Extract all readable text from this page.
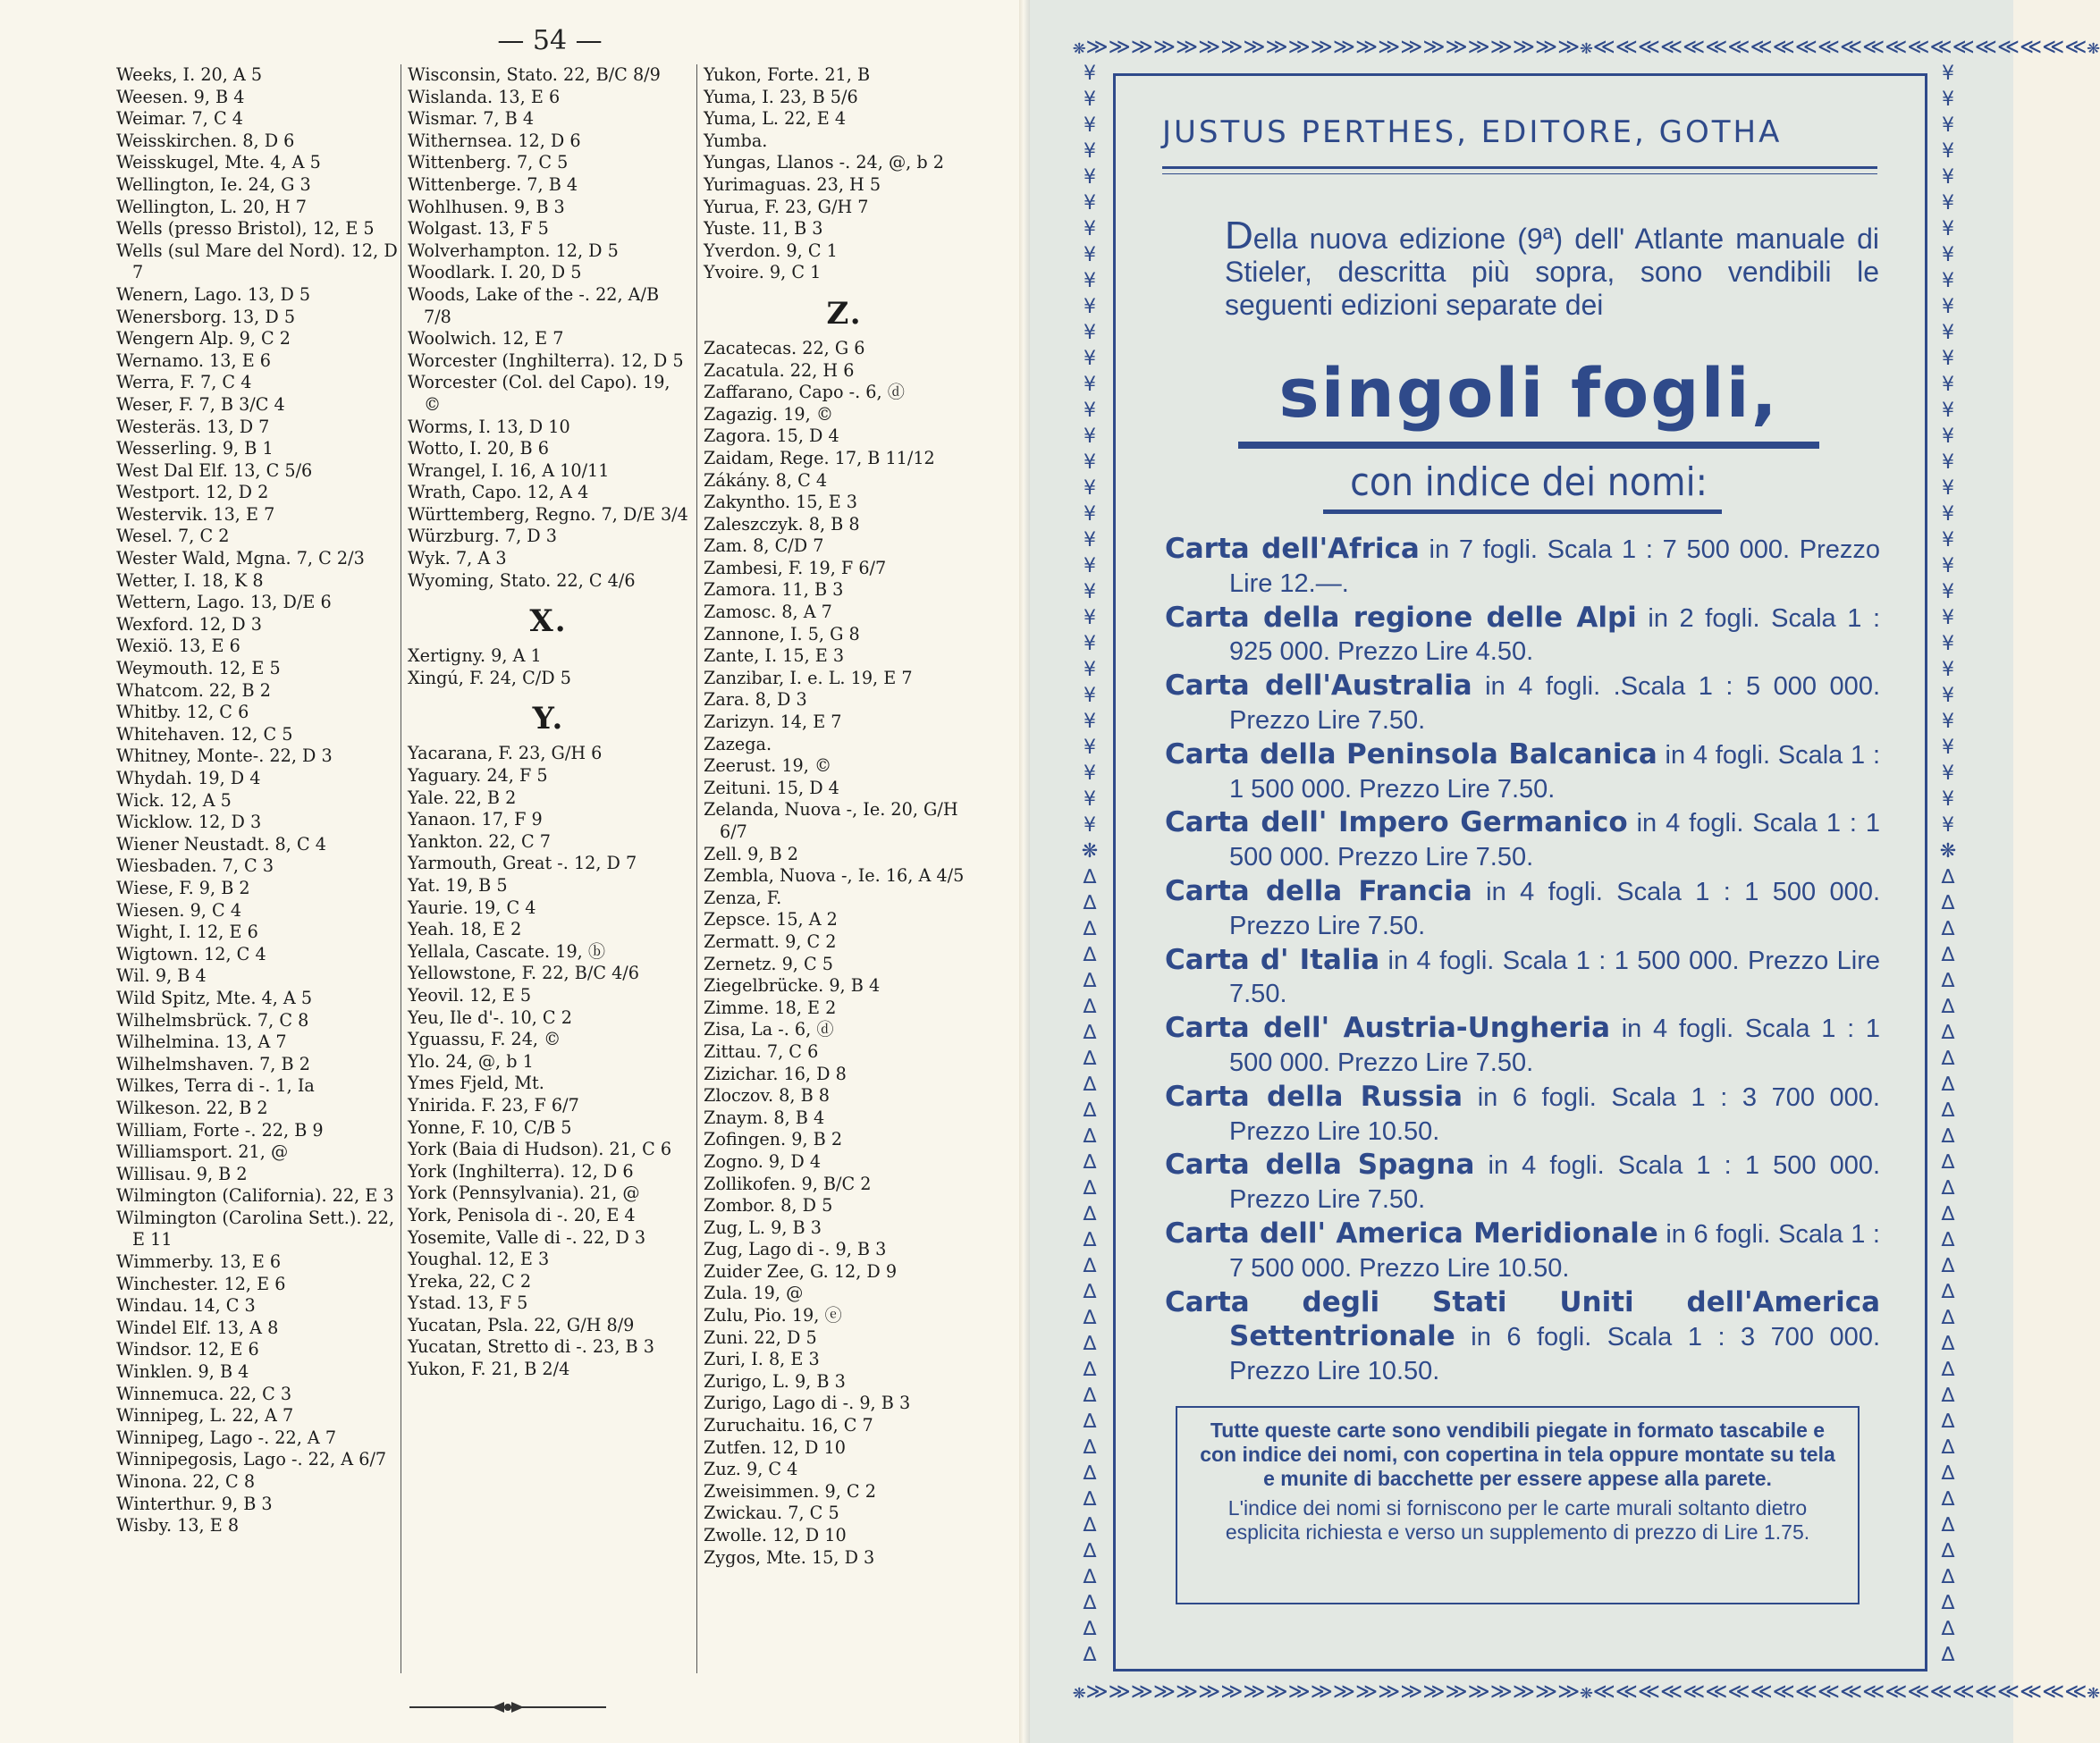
— 54 —
Weeks, I. 20, A 5
Weesen. 9, B 4
Weimar. 7, C 4
Weisskirchen. 8, D 6
Weisskugel, Mte. 4, A 5
Wellington, Ie. 24, G 3
Wellington, L. 20, H 7
Wells (presso Bristol), 12, E 5
Wells (sul Mare del Nord). 12, D 7
Wenern, Lago. 13, D 5
Wenersborg. 13, D 5
Wengern Alp. 9, C 2
Wernamo. 13, E 6
Werra, F. 7, C 4
Weser, F. 7, B 3/C 4
Westeräs. 13, D 7
Wesserling. 9, B 1
West Dal Elf. 13, C 5/6
Westport. 12, D 2
Westervik. 13, E 7
Wesel. 7, C 2
Wester Wald, Mgna. 7, C 2/3
Wetter, I. 18, K 8
Wettern, Lago. 13, D/E 6
Wexford. 12, D 3
Wexiö. 13, E 6
Weymouth. 12, E 5
Whatcom. 22, B 2
Whitby. 12, C 6
Whitehaven. 12, C 5
Whitney, Monte-. 22, D 3
Whydah. 19, D 4
Wick. 12, A 5
Wicklow. 12, D 3
Wiener Neustadt. 8, C 4
Wiesbaden. 7, C 3
Wiese, F. 9, B 2
Wiesen. 9, C 4
Wight, I. 12, E 6
Wigtown. 12, C 4
Wil. 9, B 4
Wild Spitz, Mte. 4, A 5
Wilhelmsbrück. 7, C 8
Wilhelmina. 13, A 7
Wilhelmshaven. 7, B 2
Wilkes, Terra di -. 1, Ia
Wilkeson. 22, B 2
William, Forte -. 22, B 9
Williamsport. 21, @
Willisau. 9, B 2
Wilmington (California). 22, E 3
Wilmington (Carolina Sett.). 22, E 11
Wimmerby. 13, E 6
Winchester. 12, E 6
Windau. 14, C 3
Windel Elf. 13, A 8
Windsor. 12, E 6
Winklen. 9, B 4
Winnemuca. 22, C 3
Winnipeg, L. 22, A 7
Winnipeg, Lago -. 22, A 7
Winnipegosis, Lago -. 22, A 6/7
Winona. 22, C 8
Winterthur. 9, B 3
Wisby. 13, E 8
Wisconsin, Stato. 22, B/C 8/9
Wislanda. 13, E 6
Wismar. 7, B 4
Withernsea. 12, D 6
Wittenberg. 7, C 5
Wittenberge. 7, B 4
Wohlhusen. 9, B 3
Wolgast. 13, F 5
Wolverhampton. 12, D 5
Woodlark. I. 20, D 5
Woods, Lake of the -. 22, A/B 7/8
Woolwich. 12, E 7
Worcester (Inghilterra). 12, D 5
Worcester (Col. del Capo). 19, ©
Worms, I. 13, D 10
Wotto, I. 20, B 6
Wrangel, I. 16, A 10/11
Wrath, Capo. 12, A 4
Württemberg, Regno. 7, D/E 3/4
Würzburg. 7, D 3
Wyk. 7, A 3
Wyoming, Stato. 22, C 4/6
X.
Xertigny. 9, A 1
Xingú, F. 24, C/D 5
Y.
Yacarana, F. 23, G/H 6
Yaguary. 24, F 5
Yale. 22, B 2
Yanaon. 17, F 9
Yankton. 22, C 7
Yarmouth, Great -. 12, D 7
Yat. 19, B 5
Yaurie. 19, C 4
Yeah. 18, E 2
Yellala, Cascate. 19, ⓑ
Yellowstone, F. 22, B/C 4/6
Yeovil. 12, E 5
Yeu, Ile d'-. 10, C 2
Yguassu, F. 24, ©
Ylo. 24, @, b 1
Ymes Fjeld, Mt.
Ynirida. F. 23, F 6/7
Yonne, F. 10, C/B 5
York (Baia di Hudson). 21, C 6
York (Inghilterra). 12, D 6
York (Pennsylvania). 21, @
York, Penisola di -. 20, E 4
Yosemite, Valle di -. 22, D 3
Youghal. 12, E 3
Yreka, 22, C 2
Ystad. 13, F 5
Yucatan, Psla. 22, G/H 8/9
Yucatan, Stretto di -. 23, B 3
Yukon, F. 21, B 2/4
Yukon, Forte. 21, B
Yuma, I. 23, B 5/6
Yuma, L. 22, E 4
Yumba.
Yungas, Llanos -. 24, @, b 2
Yurimaguas. 23, H 5
Yurua, F. 23, G/H 7
Yuste. 11, B 3
Yverdon. 9, C 1
Yvoire. 9, C 1
Z.
Zacatecas. 22, G 6
Zacatula. 22, H 6
Zaffarano, Capo -. 6, ⓓ
Zagazig. 19, ©
Zagora. 15, D 4
Zaidam, Rege. 17, B 11/12
Zákány. 8, C 4
Zakyntho. 15, E 3
Zaleszczyk. 8, B 8
Zam. 8, C/D 7
Zambesi, F. 19, F 6/7
Zamora. 11, B 3
Zamosc. 8, A 7
Zannone, I. 5, G 8
Zante, I. 15, E 3
Zanzibar, I. e. L. 19, E 7
Zara. 8, D 3
Zarizyn. 14, E 7
Zazega.
Zeerust. 19, ©
Zeituni. 15, D 4
Zelanda, Nuova -, Ie. 20, G/H 6/7
Zell. 9, B 2
Zembla, Nuova -, Ie. 16, A 4/5
Zenza, F.
Zepsce. 15, A 2
Zermatt. 9, C 2
Zernetz. 9, C 5
Ziegelbrücke. 9, B 4
Zimme. 18, E 2
Zisa, La -. 6, ⓓ
Zittau. 7, C 6
Zizichar. 16, D 8
Zloczov. 8, B 8
Znaym. 8, B 4
Zofingen. 9, B 2
Zogno. 9, D 4
Zollikofen. 9, B/C 2
Zombor. 8, D 5
Zug, L. 9, B 3
Zug, Lago di -. 9, B 3
Zuider Zee, G. 12, D 9
Zula. 19, @
Zulu, Pio. 19, ⓔ
Zuni. 22, D 5
Zuri, I. 8, E 3
Zurigo, L. 9, B 3
Zurigo, Lago di -. 9, B 3
Zuruchaitu. 16, C 7
Zutfen. 12, D 10
Zuz. 9, C 4
Zweisimmen. 9, C 2
Zwickau. 7, C 5
Zwolle. 12, D 10
Zygos, Mte. 15, D 3
❋≫≫≫≫≫≫≫≫≫≫≫≫≫≫≫≫≫≫≫≫≫≫❋≪≪≪≪≪≪≪≪≪≪≪≪≪≪≪≪≪≪≪≪≪≪❋
❋≫≫≫≫≫≫≫≫≫≫≫≫≫≫≫≫≫≫≫≫≫≫❋≪≪≪≪≪≪≪≪≪≪≪≪≪≪≪≪≪≪≪≪≪≪❋
¥ ¥ ¥ ¥ ¥ ¥ ¥ ¥ ¥ ¥ ¥ ¥ ¥ ¥ ¥ ¥ ¥ ¥ ¥ ¥ ¥ ¥ ¥ ¥ ¥ ¥ ¥ ¥ ¥ ¥ ❋ ∆ ∆ ∆ ∆ ∆ ∆ ∆ ∆ ∆ ∆ ∆ ∆ ∆ ∆ ∆ ∆ ∆ ∆ ∆ ∆ ∆ ∆ ∆ ∆ ∆ ∆ ∆ ∆ ∆ ∆ ∆
¥ ¥ ¥ ¥ ¥ ¥ ¥ ¥ ¥ ¥ ¥ ¥ ¥ ¥ ¥ ¥ ¥ ¥ ¥ ¥ ¥ ¥ ¥ ¥ ¥ ¥ ¥ ¥ ¥ ¥ ❋ ∆ ∆ ∆ ∆ ∆ ∆ ∆ ∆ ∆ ∆ ∆ ∆ ∆ ∆ ∆ ∆ ∆ ∆ ∆ ∆ ∆ ∆ ∆ ∆ ∆ ∆ ∆ ∆ ∆ ∆ ∆
JUSTUS PERTHES, EDITORE, GOTHA
Della nuova edizione (9ª) dell' Atlante manuale di Stieler, descritta più sopra, sono vendibili le seguenti edizioni separate dei
singoli fogli,
con indice dei nomi:
Carta dell'Africa in 7 fogli. Scala 1 : 7 500 000. Prezzo Lire 12.—.
Carta della regione delle Alpi in 2 fogli. Scala 1 : 925 000. Prezzo Lire 4.50.
Carta dell'Australia in 4 fogli. .Scala 1 : 5 000 000. Prezzo Lire 7.50.
Carta della Peninsola Balcanica in 4 fogli. Scala 1 : 1 500 000. Prezzo Lire 7.50.
Carta dell' Impero Germanico in 4 fogli. Scala 1 : 1 500 000. Prezzo Lire 7.50.
Carta della Francia in 4 fogli. Scala 1 : 1 500 000. Prezzo Lire 7.50.
Carta d' Italia in 4 fogli. Scala 1 : 1 500 000. Prezzo Lire 7.50.
Carta dell' Austria-Ungheria in 4 fogli. Scala 1 : 1 500 000. Prezzo Lire 7.50.
Carta della Russia in 6 fogli. Scala 1 : 3 700 000. Prezzo Lire 10.50.
Carta della Spagna in 4 fogli. Scala 1 : 1 500 000. Prezzo Lire 7.50.
Carta dell' America Meridionale in 6 fogli. Scala 1 : 7 500 000. Prezzo Lire 10.50.
Carta degli Stati Uniti dell'America Settentrionale in 6 fogli. Scala 1 : 3 700 000. Prezzo Lire 10.50.
Tutte queste carte sono vendibili piegate in formato tascabile e con indice dei nomi, con copertina in tela oppure montate su tela e munite di bacchette per essere appese alla parete.
L'indice dei nomi si forniscono per le carte murali soltanto dietro esplicita richiesta e verso un supplemento di prezzo di Lire 1.75.
